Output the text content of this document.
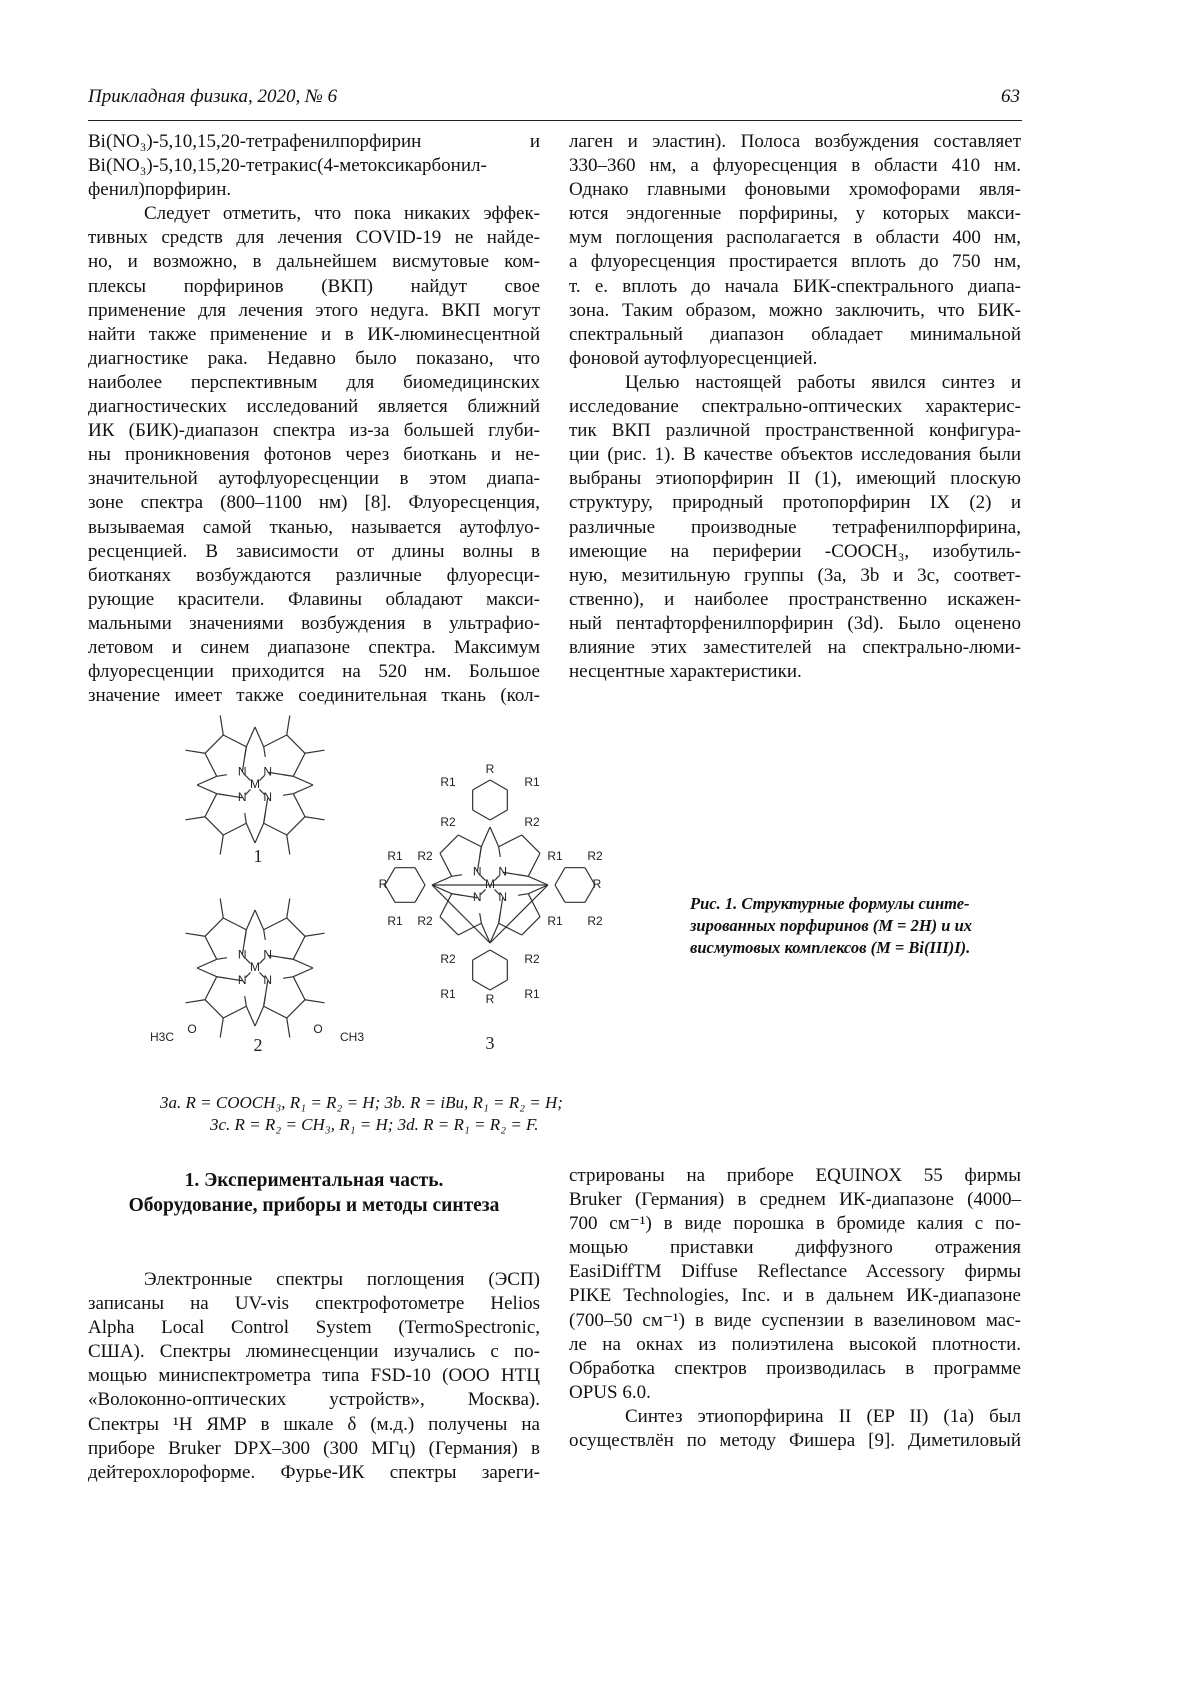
Прикладная физика, 2020, № 6	63
Bi(NO₃)-5,10,15,20-тетрафенилпорфирин и
Bi(NO₃)-5,10,15,20-тетракис(4-метоксикарбонил-
фенил)порфирин.
Следует отметить, что пока никаких эффек-
тивных средств для лечения COVID-19 не найде-
но, и возможно, в дальнейшем висмутовые ком-
плексы порфиринов (ВКП) найдут свое
применение для лечения этого недуга. ВКП могут
найти также применение и в ИК-люминесцентной
диагностике рака. Недавно было показано, что
наиболее перспективным для биомедицинских
диагностических исследований является ближний
ИК (БИК)-диапазон спектра из-за большей глуби-
ны проникновения фотонов через биоткань и не-
значительной аутофлуоресценции в этом диапа-
зоне спектра (800–1100 нм) [8]. Флуоресценция,
вызываемая самой тканью, называется аутофлуо-
ресценцией. В зависимости от длины волны в
биотканях возбуждаются различные флуоресци-
рующие красители. Флавины обладают макси-
мальными значениями возбуждения в ультрафио-
летовом и синем диапазоне спектра. Максимум
флуоресценции приходится на 520 нм. Большое
значение имеет также соединительная ткань (кол-
лаген и эластин). Полоса возбуждения составляет
330–360 нм, а флуоресценция в области 410 нм.
Однако главными фоновыми хромофорами явля-
ются эндогенные порфирины, у которых макси-
мум поглощения располагается в области 400 нм,
а флуоресценция простирается вплоть до 750 нм,
т. е. вплоть до начала БИК-спектрального диапа-
зона. Таким образом, можно заключить, что БИК-
спектральный диапазон обладает минимальной
фоновой аутофлуоресценцией.
Целью настоящей работы явился синтез и
исследование спектрально-оптических характерис-
тик ВКП различной пространственной конфигура-
ции (рис. 1). В качестве объектов исследования были
выбраны этиопорфирин II (1), имеющий плоскую
структуру, природный протопорфирин IX (2) и
различные производные тетрафенилпорфирина,
имеющие на периферии -COOCH₃, изобутиль-
ную, мезитильную группы (3a, 3b и 3c, соответ-
ственно), и наиболее пространственно искажен-
ный пентафторфенилпорфирин (3d). Было оценено
влияние этих заместителей на спектрально-люми-
несцентные характеристики.
N N
N
N
M
1
N N
N
N
M
2
H3C
O	O
CH3
N N
N
N
M
3
R
R
R	R
R1	R1
R2	R2
R2	R2
R1	R1
R1 R2
R1 R2
R1 R2
R1 R2
Рис. 1. Структурные формулы синте-зированных порфиринов (M = 2H) и их висмутовых комплексов (M = Bi(III)I).
3a. R = COOCH₃, R₁ = R₂ = H; 3b. R = iBu, R₁ = R₂ = H;
3c. R = R₂ = CH₃, R₁ = H; 3d. R = R₁ = R₂ = F.
1. Экспериментальная часть.
Оборудование, приборы и методы синтеза
Электронные спектры поглощения (ЭСП)
записаны на UV-vis спектрофотометре Helios
Alpha Local Control System (TermoSpectronic,
США). Спектры люминесценции изучались с по-
мощью миниспектрометра типа FSD-10 (ООО НТЦ
«Волоконно-оптических устройств», Москва).
Спектры ¹H ЯМР в шкале δ (м.д.) получены на
приборе Bruker DPX–300 (300 МГц) (Германия) в
дейтерохлороформе. Фурье-ИК спектры зареги-
стрированы на приборе EQUINOX 55 фирмы
Bruker (Германия) в среднем ИК-диапазоне (4000–
700 см⁻¹) в виде порошка в бромиде калия с по-
мощью приставки диффузного отражения
EasiDiffTM Diffuse Reflectance Accessory фирмы
PIKE Technologies, Inc. и в дальнем ИК-диапазоне
(700–50 см⁻¹) в виде суспензии в вазелиновом мас-
ле на окнах из полиэтилена высокой плотности.
Обработка спектров производилась в программе
OPUS 6.0.
Синтез этиопорфирина II (EP II) (1a) был
осуществлён по методу Фишера [9]. Диметиловый
